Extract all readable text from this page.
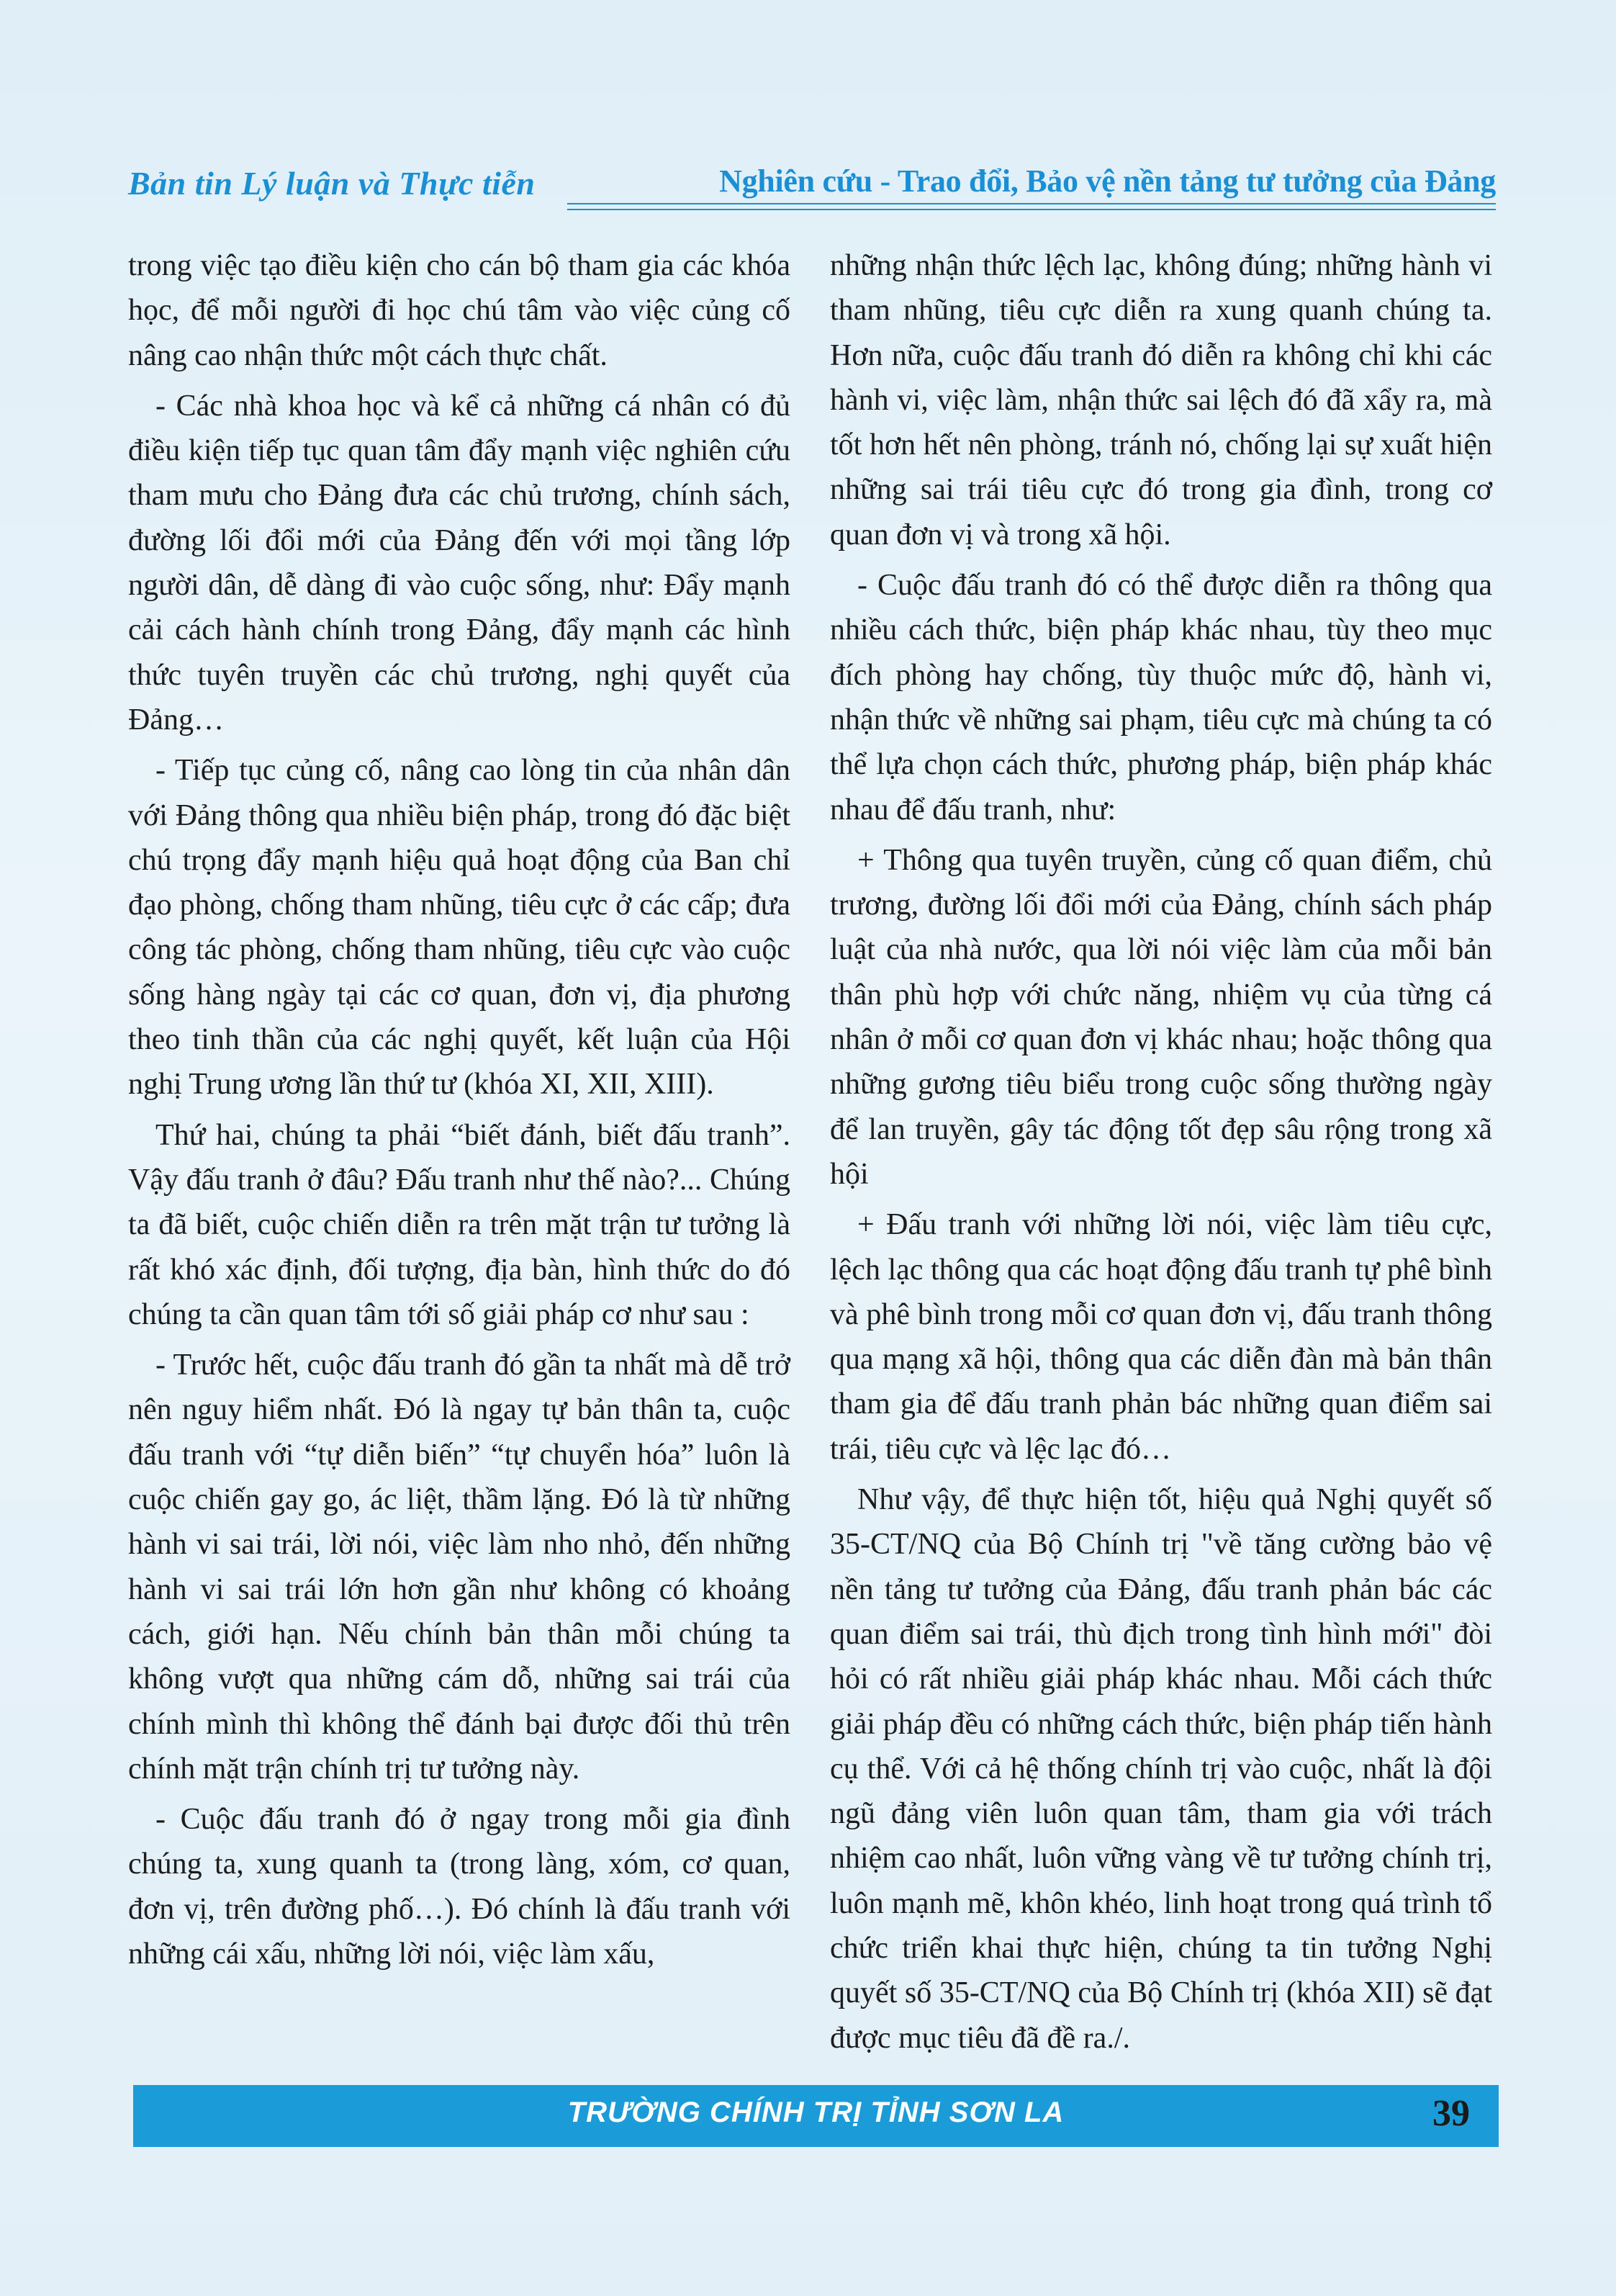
Bản tin Lý luận và Thực tiễn	Nghiên cứu - Trao đổi, Bảo vệ nền tảng tư tưởng của Đảng

trong việc tạo điều kiện cho cán bộ tham gia các khóa học, để mỗi người đi học chú tâm vào việc củng cố nâng cao nhận thức một cách thực chất.

- Các nhà khoa học và kể cả những cá nhân có đủ điều kiện tiếp tục quan tâm đẩy mạnh việc nghiên cứu tham mưu cho Đảng đưa các chủ trương, chính sách, đường lối đổi mới của Đảng đến với mọi tầng lớp người dân, dễ dàng đi vào cuộc sống, như: Đẩy mạnh cải cách hành chính trong Đảng, đẩy mạnh các hình thức tuyên truyền các chủ trương, nghị quyết của Đảng…

- Tiếp tục củng cố, nâng cao lòng tin của nhân dân với Đảng thông qua nhiều biện pháp, trong đó đặc biệt chú trọng đẩy mạnh hiệu quả hoạt động của Ban chỉ đạo phòng, chống tham nhũng, tiêu cực ở các cấp; đưa công tác phòng, chống tham nhũng, tiêu cực vào cuộc sống hàng ngày tại các cơ quan, đơn vị, địa phương theo tinh thần của các nghị quyết, kết luận của Hội nghị Trung ương lần thứ tư (khóa XI, XII, XIII).

Thứ hai, chúng ta phải “biết đánh, biết đấu tranh”. Vậy đấu tranh ở đâu? Đấu tranh như thế nào?... Chúng ta đã biết, cuộc chiến diễn ra trên mặt trận tư tưởng là rất khó xác định, đối tượng, địa bàn, hình thức do đó chúng ta cần quan tâm tới số giải pháp cơ như sau :

- Trước hết, cuộc đấu tranh đó gần ta nhất mà dễ trở nên nguy hiểm nhất. Đó là ngay tự bản thân ta, cuộc đấu tranh với “tự diễn biến” “tự chuyển hóa” luôn là cuộc chiến gay go, ác liệt, thầm lặng. Đó là từ những hành vi sai trái, lời nói, việc làm nho nhỏ, đến những hành vi sai trái lớn hơn gần như không có khoảng cách, giới hạn. Nếu chính bản thân mỗi chúng ta không vượt qua những cám dỗ, những sai trái của chính mình thì không thể đánh bại được đối thủ trên chính mặt trận chính trị tư tưởng này.

- Cuộc đấu tranh đó ở ngay trong mỗi gia đình chúng ta, xung quanh ta (trong làng, xóm, cơ quan, đơn vị, trên đường phố…). Đó chính là đấu tranh với những cái xấu, những lời nói, việc làm xấu,

những nhận thức lệch lạc, không đúng; những hành vi tham nhũng, tiêu cực diễn ra xung quanh chúng ta. Hơn nữa, cuộc đấu tranh đó diễn ra không chỉ khi các hành vi, việc làm, nhận thức sai lệch đó đã xẩy ra, mà tốt hơn hết nên phòng, tránh nó, chống lại sự xuất hiện những sai trái tiêu cực đó trong gia đình, trong cơ quan đơn vị và trong xã hội.

- Cuộc đấu tranh đó có thể được diễn ra thông qua nhiều cách thức, biện pháp khác nhau, tùy theo mục đích phòng hay chống, tùy thuộc mức độ, hành vi, nhận thức về những sai phạm, tiêu cực mà chúng ta có thể lựa chọn cách thức, phương pháp, biện pháp khác nhau để đấu tranh, như:

+ Thông qua tuyên truyền, củng cố quan điểm, chủ trương, đường lối đổi mới của Đảng, chính sách pháp luật của nhà nước, qua lời nói việc làm của mỗi bản thân phù hợp với chức năng, nhiệm vụ của từng cá nhân ở mỗi cơ quan đơn vị khác nhau; hoặc thông qua những gương tiêu biểu trong cuộc sống thường ngày để lan truyền, gây tác động tốt đẹp sâu rộng trong xã hội

+ Đấu tranh với những lời nói, việc làm tiêu cực, lệch lạc thông qua các hoạt động đấu tranh tự phê bình và phê bình trong mỗi cơ quan đơn vị, đấu tranh thông qua mạng xã hội, thông qua các diễn đàn mà bản thân tham gia để đấu tranh phản bác những quan điểm sai trái, tiêu cực và lệc lạc đó…

Như vậy, để thực hiện tốt, hiệu quả Nghị quyết số 35-CT/NQ của Bộ Chính trị "về tăng cường bảo vệ nền tảng tư tưởng của Đảng, đấu tranh phản bác các quan điểm sai trái, thù địch trong tình hình mới" đòi hỏi có rất nhiều giải pháp khác nhau. Mỗi cách thức giải pháp đều có những cách thức, biện pháp tiến hành cụ thể. Với cả hệ thống chính trị vào cuộc, nhất là đội ngũ đảng viên luôn quan tâm, tham gia với trách nhiệm cao nhất, luôn vững vàng về tư tưởng chính trị, luôn mạnh mẽ, khôn khéo, linh hoạt trong quá trình tổ chức triển khai thực hiện, chúng ta tin tưởng Nghị quyết số 35-CT/NQ của Bộ Chính trị (khóa XII) sẽ đạt được mục tiêu đã đề ra./.

TRƯỜNG CHÍNH TRỊ TỈNH SƠN LA	39
